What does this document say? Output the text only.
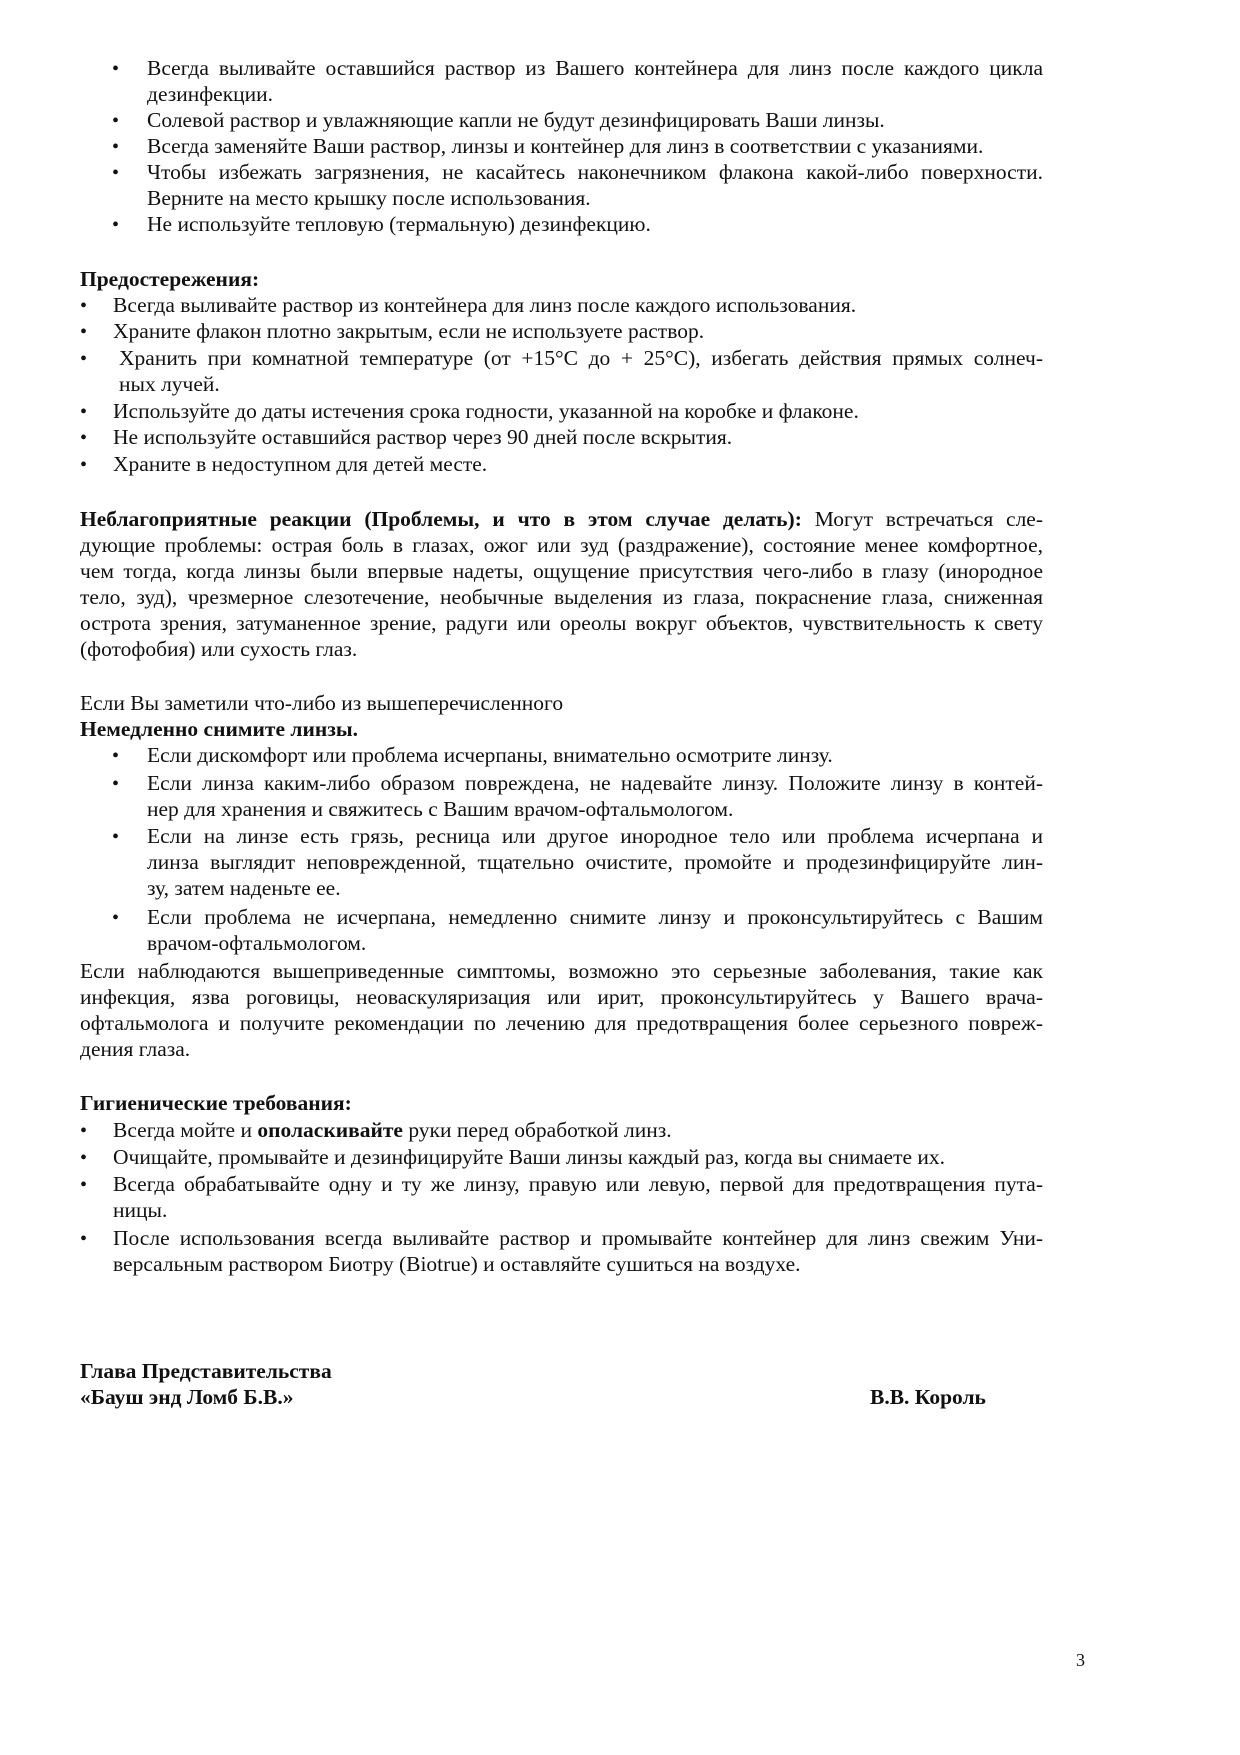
• Всегда выливайте оставшийся раствор из Вашего контейнера для линз после каждого цикла
дезинфекции.
• Солевой раствор и увлажняющие капли не будут дезинфицировать Ваши линзы.
• Всегда заменяйте Ваши раствор, линзы и контейнер для линз в соответствии с указаниями.
• Чтобы избежать загрязнения, не касайтесь наконечником флакона какой-либо поверхности.
Верните на место крышку после использования.
• Не используйте тепловую (термальную) дезинфекцию.
Предостережения:
• Всегда выливайте раствор из контейнера для линз после каждого использования.
• Храните флакон плотно закрытым, если не используете раствор.
• Хранить при комнатной температуре (от +15°С до + 25°С), избегать действия прямых солнеч-
ных лучей.
• Используйте до даты истечения срока годности, указанной на коробке и флаконе.
• Не используйте оставшийся раствор через 90 дней после вскрытия.
• Храните в недоступном для детей месте.
Неблагоприятные реакции (Проблемы, и что в этом случае делать): Могут встречаться сле-
дующие проблемы: острая боль в глазах, ожог или зуд (раздражение), состояние менее комфортное,
чем тогда, когда линзы были впервые надеты, ощущение присутствия чего-либо в глазу (инородное
тело, зуд), чрезмерное слезотечение, необычные выделения из глаза, покраснение глаза, сниженная
острота зрения, затуманенное зрение, радуги или ореолы вокруг объектов, чувствительность к свету
(фотофобия) или сухость глаз.
Если Вы заметили что-либо из вышеперечисленного
Немедленно снимите линзы.
• Если дискомфорт или проблема исчерпаны, внимательно осмотрите линзу.
• Если линза каким-либо образом повреждена, не надевайте линзу. Положите линзу в контей-
нер для хранения и свяжитесь с Вашим врачом-офтальмологом.
• Если на линзе есть грязь, ресница или другое инородное тело или проблема исчерпана и
линза выглядит неповрежденной, тщательно очистите, промойте и продезинфицируйте лин-
зу, затем наденьте ее.
• Если проблема не исчерпана, немедленно снимите линзу и проконсультируйтесь с Вашим
врачом-офтальмологом.
Если наблюдаются вышеприведенные симптомы, возможно это серьезные заболевания, такие как
инфекция, язва роговицы, неоваскуляризация или ирит, проконсультируйтесь у Вашего врача-
офтальмолога и получите рекомендации по лечению для предотвращения более серьезного повреж-
дения глаза.
Гигиенические требования:
• Всегда мойте и ополаскивайте руки перед обработкой линз.
• Очищайте, промывайте и дезинфицируйте Ваши линзы каждый раз, когда вы снимаете их.
• Всегда обрабатывайте одну и ту же линзу, правую или левую, первой для предотвращения пута-
ницы.
• После использования всегда выливайте раствор и промывайте контейнер для линз свежим Уни-
версальным раствором Биотру (Biotrue) и оставляйте сушиться на воздухе.
Глава Представительства
«Бауш энд Ломб Б.В.»	В.В. Король
3
